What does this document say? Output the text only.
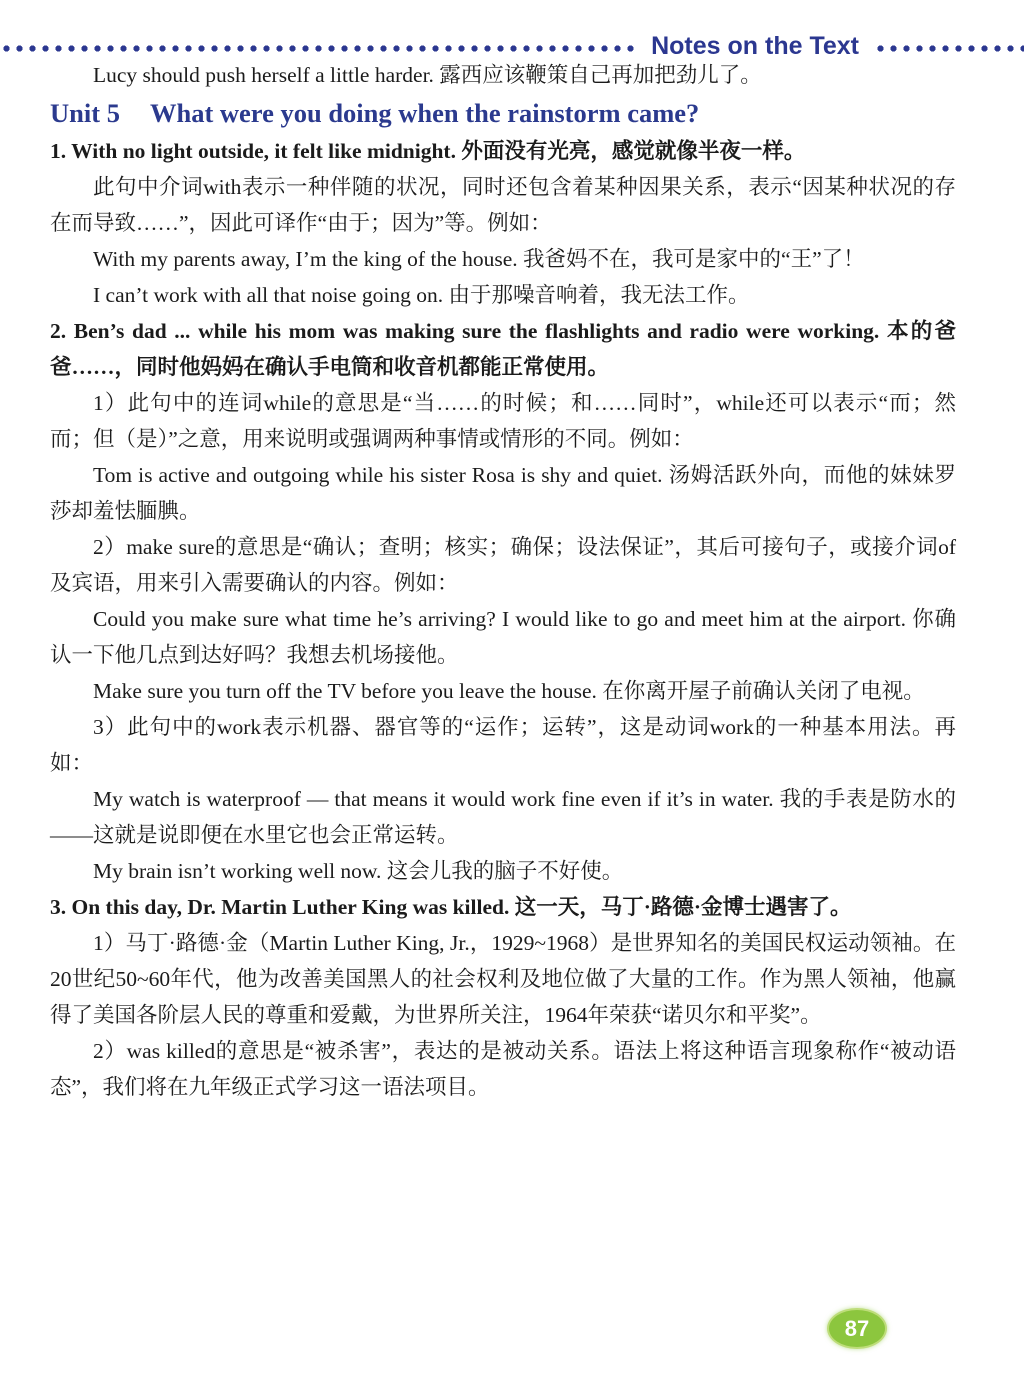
Notes on the Text

Lucy should push herself a little harder. 露西应该鞭策自己再加把劲儿了。

Unit 5 What were you doing when the rainstorm came?

1. With no light outside, it felt like midnight. 外面没有光亮，感觉就像半夜一样。

此句中介词with表示一种伴随的状况，同时还包含着某种因果关系，表示“因某种状况的存在而导致……”，因此可译作“由于；因为”等。例如：

With my parents away, I’m the king of the house. 我爸妈不在，我可是家中的“王”了！

I can’t work with all that noise going on. 由于那噪音响着，我无法工作。

2. Ben’s dad ... while his mom was making sure the flashlights and radio were working. 本的爸爸……，同时他妈妈在确认手电筒和收音机都能正常使用。

1）此句中的连词while的意思是“当……的时候；和……同时”，while还可以表示“而；然而；但（是）”之意，用来说明或强调两种事情或情形的不同。例如：

Tom is active and outgoing while his sister Rosa is shy and quiet. 汤姆活跃外向，而他的妹妹罗莎却羞怯腼腆。

2）make sure的意思是“确认；查明；核实；确保；设法保证”，其后可接句子，或接介词of及宾语，用来引入需要确认的内容。例如：

Could you make sure what time he’s arriving? I would like to go and meet him at the airport. 你确认一下他几点到达好吗？我想去机场接他。

Make sure you turn off the TV before you leave the house. 在你离开屋子前确认关闭了电视。

3）此句中的work表示机器、器官等的“运作；运转”，这是动词work的一种基本用法。再如：

My watch is waterproof — that means it would work fine even if it’s in water. 我的手表是防水的——这就是说即便在水里它也会正常运转。

My brain isn’t working well now. 这会儿我的脑子不好使。

3. On this day, Dr. Martin Luther King was killed. 这一天，马丁·路德·金博士遇害了。

1）马丁·路德·金（Martin Luther King, Jr.，1929~1968）是世界知名的美国民权运动领袖。在20世纪50~60年代，他为改善美国黑人的社会权利及地位做了大量的工作。作为黑人领袖，他赢得了美国各阶层人民的尊重和爱戴，为世界所关注，1964年荣获“诺贝尔和平奖”。

2）was killed的意思是“被杀害”，表达的是被动关系。语法上将这种语言现象称作“被动语态”，我们将在九年级正式学习这一语法项目。

87
